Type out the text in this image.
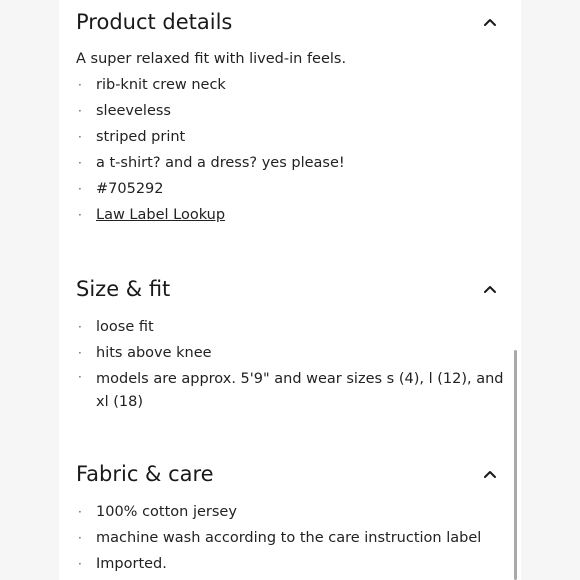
Product details

A super relaxed fit with lived-in feels.

· rib-knit crew neck
· sleeveless
· striped print
· a t-shirt? and a dress? yes please!
· #705292
· Law Label Lookup
Size & fit
· loose fit
· hits above knee
· models are approx. 5'9" and wear sizes s (4), l (12), and xl (18)
Fabric & care
· 100% cotton jersey
· machine wash according to the care instruction label
· Imported.
